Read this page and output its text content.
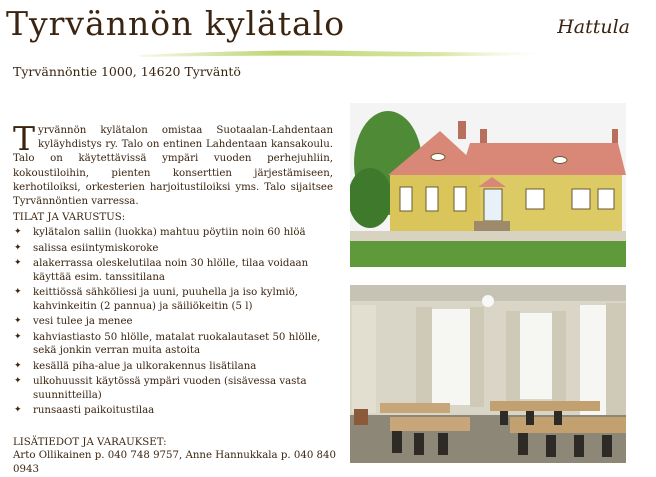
Tyrvännön kylätalo	Hattula
Tyrvännöntie 1000, 14620 Tyrväntö
Tyrvännön kylätalon omistaa Suotaalan-Lahdentaan kyläyhdistys ry. Talo on entinen Lahdentaan kansakoulu. Talo on käytettävissä ympäri vuoden perhejuhliin, kokoustiloihin, pienten konserttien järjestämiseen, kerhotiloiksi, orkesterien harjoitustiloiksi yms. Talo sijaitsee Tyrvännöntien varressa.

TILAT JA VARUSTUS:

✦ kylätalon saliin (luokka) mahtuu pöytiin noin 60 hlöä
✦ salissa esiintymiskoroke
✦ alakerrassa oleskelutilaa noin 30 hlölle, tilaa voidaan käyttää esim. tanssitilana
✦ keittiössä sähköliesi ja uuni, puuhella ja iso kylmiö, kahvinkeitin (2 pannua) ja säiliökeitin (5 l)
✦ vesi tulee ja menee
✦ kahviastiasto 50 hlölle, matalat ruokalautaset 50 hlölle, sekä jonkin verran muita astoita
✦ kesällä piha-alue ja ulkorakennus lisätilana
✦ ulkohuussit käytössä ympäri vuoden (sisävessa vasta suunnitteilla)
✦ runsaasti paikoitustilaa

LISÄTIEDOT JA VARAUKSET:

Arto Ollikainen p. 040 748 9757, Anne Hannukkala p. 040 840 0943
